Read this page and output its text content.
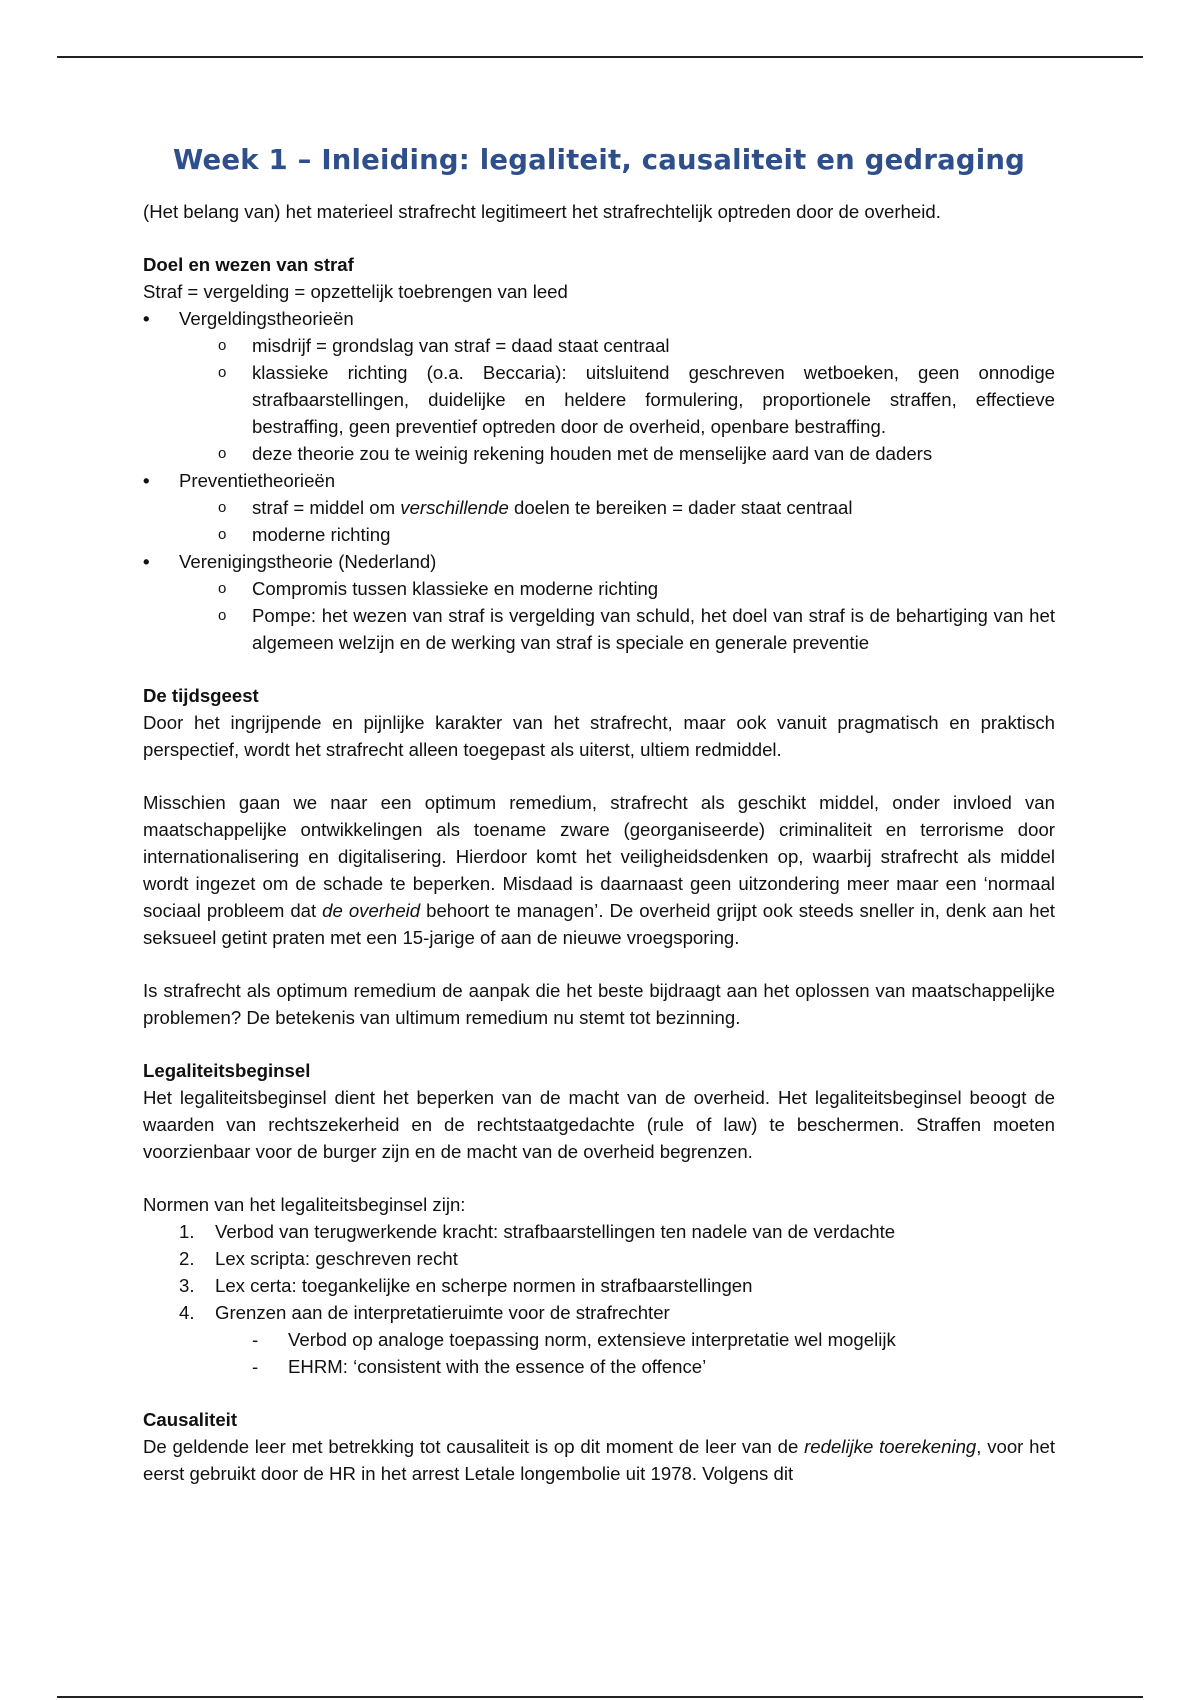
Week 1 – Inleiding: legaliteit, causaliteit en gedraging

(Het belang van) het materieel strafrecht legitimeert het strafrechtelijk optreden door de overheid.

Doel en wezen van straf

Straf = vergelding = opzettelijk toebrengen van leed

• Vergeldingstheorieën
o misdrijf = grondslag van straf = daad staat centraal
o klassieke richting (o.a. Beccaria): uitsluitend geschreven wetboeken, geen onnodige strafbaarstellingen, duidelijke en heldere formulering, proportionele straffen, effectieve bestraffing, geen preventief optreden door de overheid, openbare bestraffing.
o deze theorie zou te weinig rekening houden met de menselijke aard van de daders
• Preventietheorieën
o straf = middel om verschillende doelen te bereiken = dader staat centraal
o moderne richting
• Verenigingstheorie (Nederland)
o Compromis tussen klassieke en moderne richting
o Pompe: het wezen van straf is vergelding van schuld, het doel van straf is de behartiging van het algemeen welzijn en de werking van straf is speciale en generale preventie

De tijdsgeest

Door het ingrijpende en pijnlijke karakter van het strafrecht, maar ook vanuit pragmatisch en praktisch perspectief, wordt het strafrecht alleen toegepast als uiterst, ultiem redmiddel.

Misschien gaan we naar een optimum remedium, strafrecht als geschikt middel, onder invloed van maatschappelijke ontwikkelingen als toename zware (georganiseerde) criminaliteit en terrorisme door internationalisering en digitalisering. Hierdoor komt het veiligheidsdenken op, waarbij strafrecht als middel wordt ingezet om de schade te beperken. Misdaad is daarnaast geen uitzondering meer maar een ‘normaal sociaal probleem dat de overheid behoort te managen’. De overheid grijpt ook steeds sneller in, denk aan het seksueel getint praten met een 15-jarige of aan de nieuwe vroegsporing.

Is strafrecht als optimum remedium de aanpak die het beste bijdraagt aan het oplossen van maatschappelijke problemen? De betekenis van ultimum remedium nu stemt tot bezinning.

Legaliteitsbeginsel

Het legaliteitsbeginsel dient het beperken van de macht van de overheid. Het legaliteitsbeginsel beoogt de waarden van rechtszekerheid en de rechtstaatgedachte (rule of law) te beschermen. Straffen moeten voorzienbaar voor de burger zijn en de macht van de overheid begrenzen.

Normen van het legaliteitsbeginsel zijn:

1. Verbod van terugwerkende kracht: strafbaarstellingen ten nadele van de verdachte
2. Lex scripta: geschreven recht
3. Lex certa: toegankelijke en scherpe normen in strafbaarstellingen
4. Grenzen aan de interpretatieruimte voor de strafrechter
- Verbod op analoge toepassing norm, extensieve interpretatie wel mogelijk
- EHRM: ‘consistent with the essence of the offence’

Causaliteit

De geldende leer met betrekking tot causaliteit is op dit moment de leer van de redelijke toerekening, voor het eerst gebruikt door de HR in het arrest Letale longembolie uit 1978. Volgens dit
